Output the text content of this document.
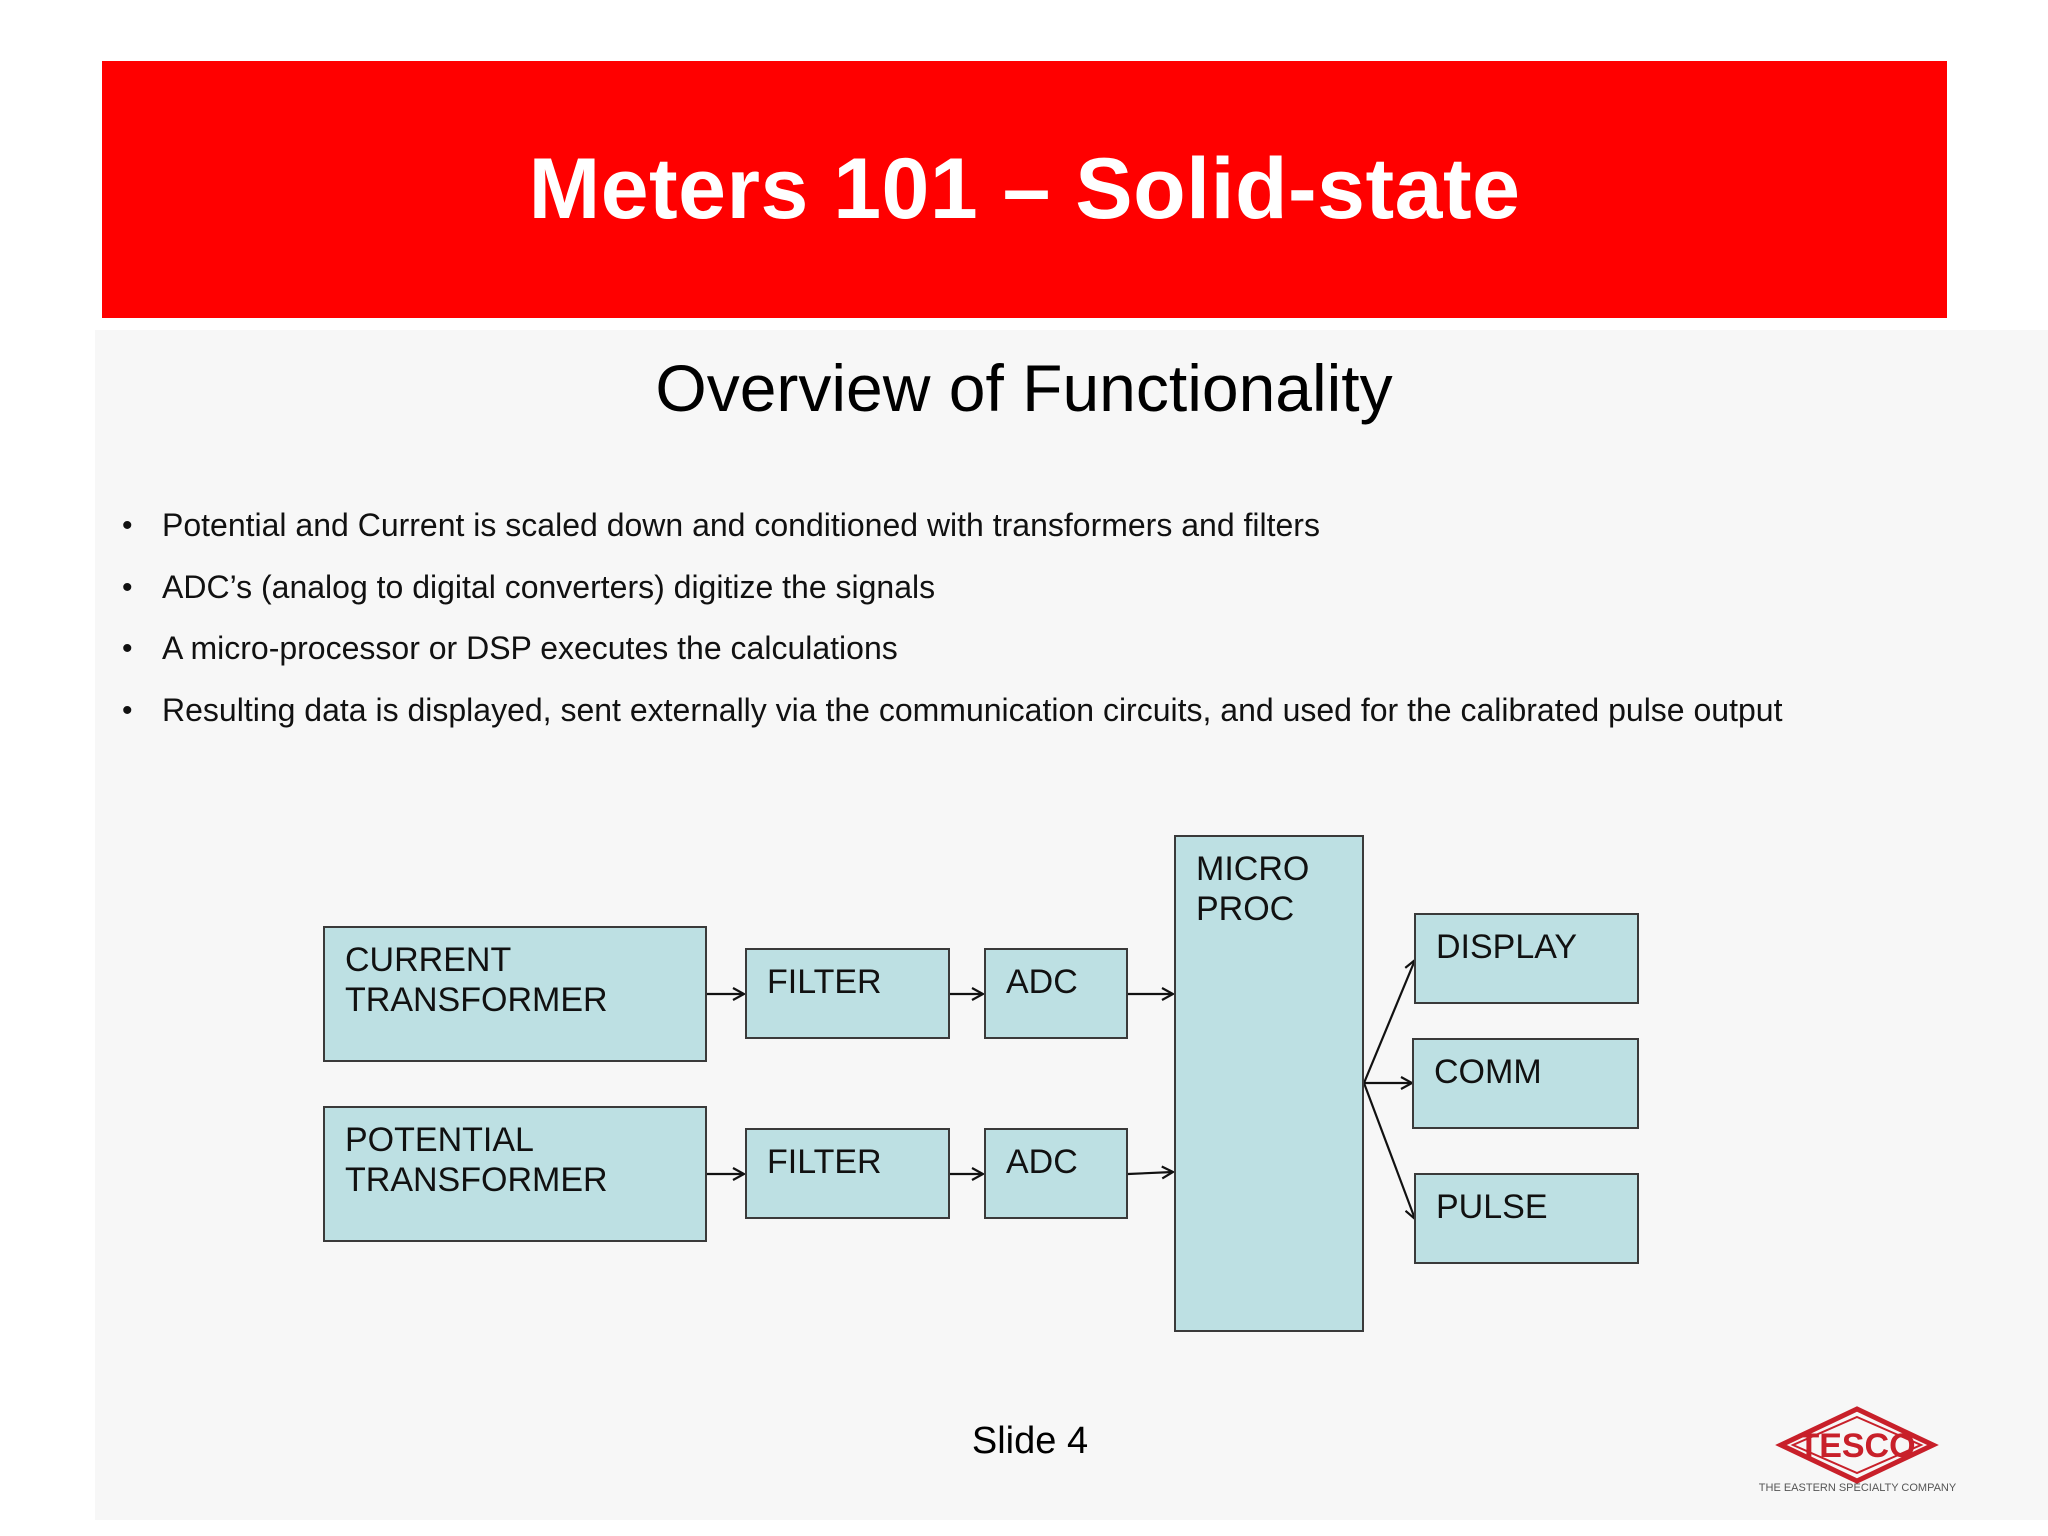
Meters 101 – Solid-state
Overview of Functionality
• Potential and Current is scaled down and conditioned with transformers and filters
• ADC’s (analog to digital converters) digitize the signals
• A micro-processor or DSP executes the calculations
• Resulting data is displayed, sent externally via the communication circuits, and used for the calibrated pulse output
CURRENT
TRANSFORMER
POTENTIAL
TRANSFORMER
FILTER
FILTER
ADC
ADC
MICRO
PROC
DISPLAY
COMM
PULSE
Slide 4	TESCO
THE EASTERN SPECIALTY COMPANY
